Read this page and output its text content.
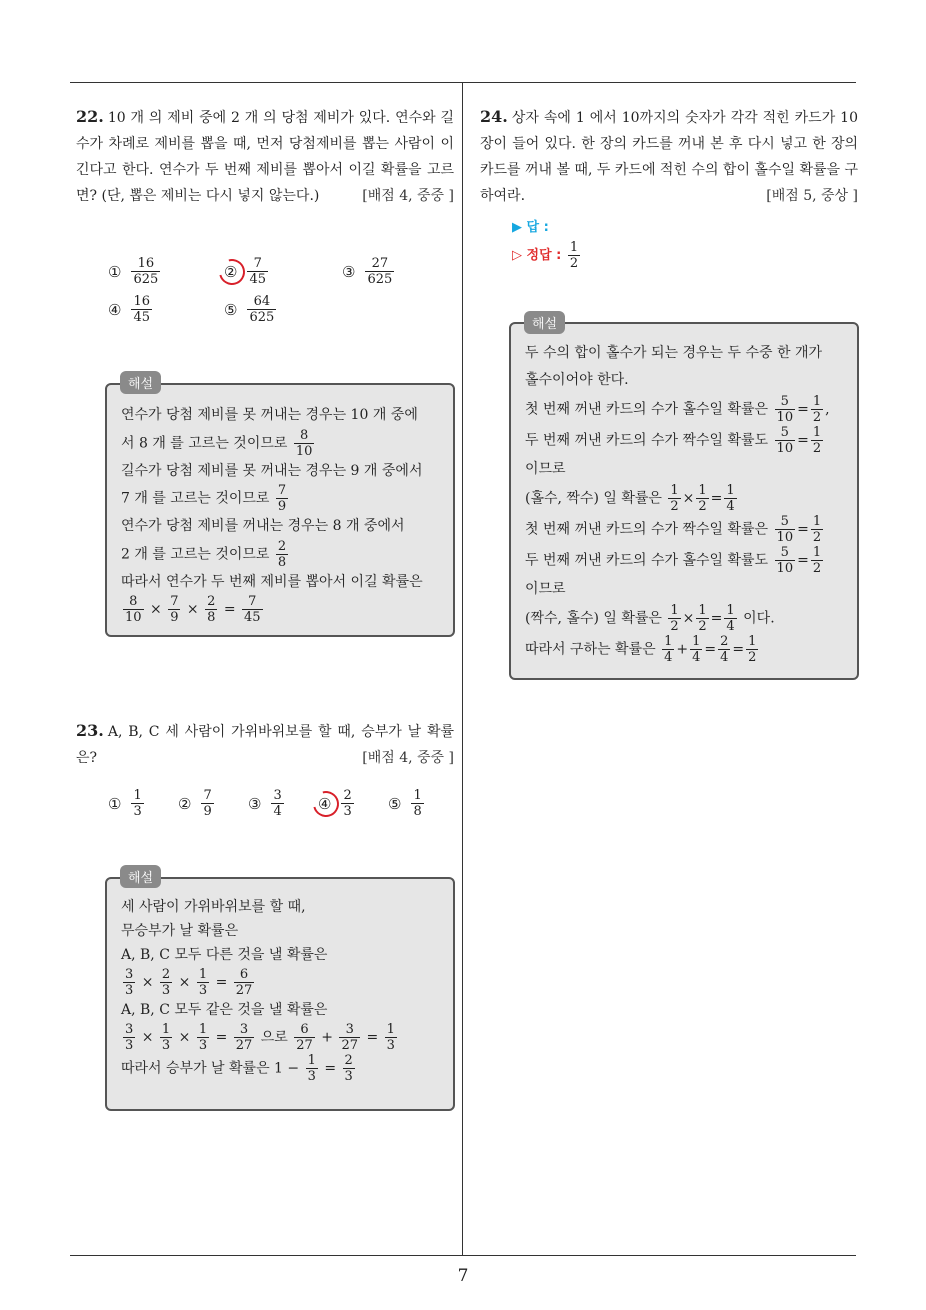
7
22. 10 개 의 제비 중에 2 개 의 당첨 제비가 있다. 연수와 길수가 차례로 제비를 뽑을 때, 먼저 당첨제비를 뽑는 사람이 이긴다고 한다. 연수가 두 번째 제비를 뽑아서 이길 확률을 고르면? (단, 뽑은 제비는 다시 넣지 않는다.)	[배점 4, 중중 ]
① $\frac{16}{625}$	② $\frac{7}{45}$	③ $\frac{27}{625}$
④ $\frac{16}{45}$	⑤ $\frac{64}{625}$
연수가 당첨 제비를 못 꺼내는 경우는 10 개 중에
서 8 개 를 고르는 것이므로 $\frac{8}{10}$
길수가 당첨 제비를 못 꺼내는 경우는 9 개 중에서
7 개 를 고르는 것이므로 $\frac{7}{9}$
연수가 당첨 제비를 꺼내는 경우는 8 개 중에서
2 개 를 고르는 것이므로 $\frac{2}{8}$
따라서 연수가 두 번째 제비를 뽑아서 이길 확률은
$\frac{8}{10} \times \frac{7}{9} \times \frac{2}{8} = \frac{7}{45}$
해설
23. A, B, C 세 사람이 가위바위보를 할 때, 승부가 날 확률은?	[배점 4, 중중 ]
① $\frac{1}{3}$ ② $\frac{7}{9}$ ③ $\frac{3}{4}$ ④ $\frac{2}{3}$ ⑤ $\frac{1}{8}$
세 사람이 가위바위보를 할 때,
무승부가 날 확률은
A, B, C 모두 다른 것을 낼 확률은
$\frac{3}{3} \times \frac{2}{3} \times \frac{1}{3} = \frac{6}{27}$
A, B, C 모두 같은 것을 낼 확률은
$\frac{3}{3} \times \frac{1}{3} \times \frac{1}{3} = \frac{3}{27}$ 으로 $\frac{6}{27} + \frac{3}{27} = \frac{1}{3}$
따라서 승부가 날 확률은 $1 - \frac{1}{3} = \frac{2}{3}$
해설
24. 상자 속에 1 에서 10까지의 숫자가 각각 적힌 카드가 10장이 들어 있다. 한 장의 카드를 꺼내 본 후 다시 넣고 한 장의 카드를 꺼내 볼 때, 두 카드에 적힌 수의 합이 홀수일 확률을 구하여라.	[배점 5, 중상 ]
▶ 답 :
▷ 정답 : $\frac{1}{2}$
두 수의 합이 홀수가 되는 경우는 두 수중 한 개가
홀수이어야 한다.
첫 번째 꺼낸 카드의 수가 홀수일 확률은 $\frac{5}{10} = \frac{1}{2}$ ,
두 번째 꺼낸 카드의 수가 짝수일 확률도 $\frac{5}{10} = \frac{1}{2}$
이므로
(홀수, 짝수) 일 확률은 $\frac{1}{2} \times \frac{1}{2} = \frac{1}{4}$
첫 번째 꺼낸 카드의 수가 짝수일 확률은 $\frac{5}{10} = \frac{1}{2}$
두 번째 꺼낸 카드의 수가 홀수일 확률도 $\frac{5}{10} = \frac{1}{2}$
이므로
(짝수, 홀수) 일 확률은 $\frac{1}{2} \times \frac{1}{2} = \frac{1}{4}$ 이다.
따라서 구하는 확률은 $\frac{1}{4} + \frac{1}{4} = \frac{2}{4} = \frac{1}{2}$
해설
